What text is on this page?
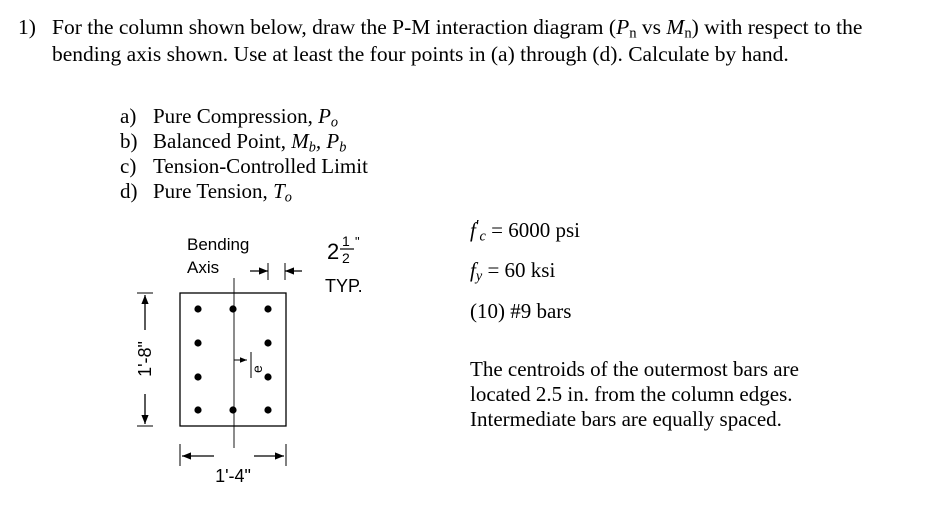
1) For the column shown below, draw the P-M interaction diagram ($P_n$ vs $M_n$) with respect to the
bending axis shown. Use at least the four points in (a) through (d). Calculate by hand.
a) Pure Compression, $P_o$
b) Balanced Point, $M_b$, $P_b$
c) Tension-Controlled Limit
d) Pure Tension, $T_o$
Bending
Axis
2 1
2
"
TYP.
e
1'-8"
1'-4"
$f'_c = 6000$ psi
$f_y = 60$ ksi
(10) #9 bars
The centroids of the outermost bars are
located 2.5 in. from the column edges.
Intermediate bars are equally spaced.
